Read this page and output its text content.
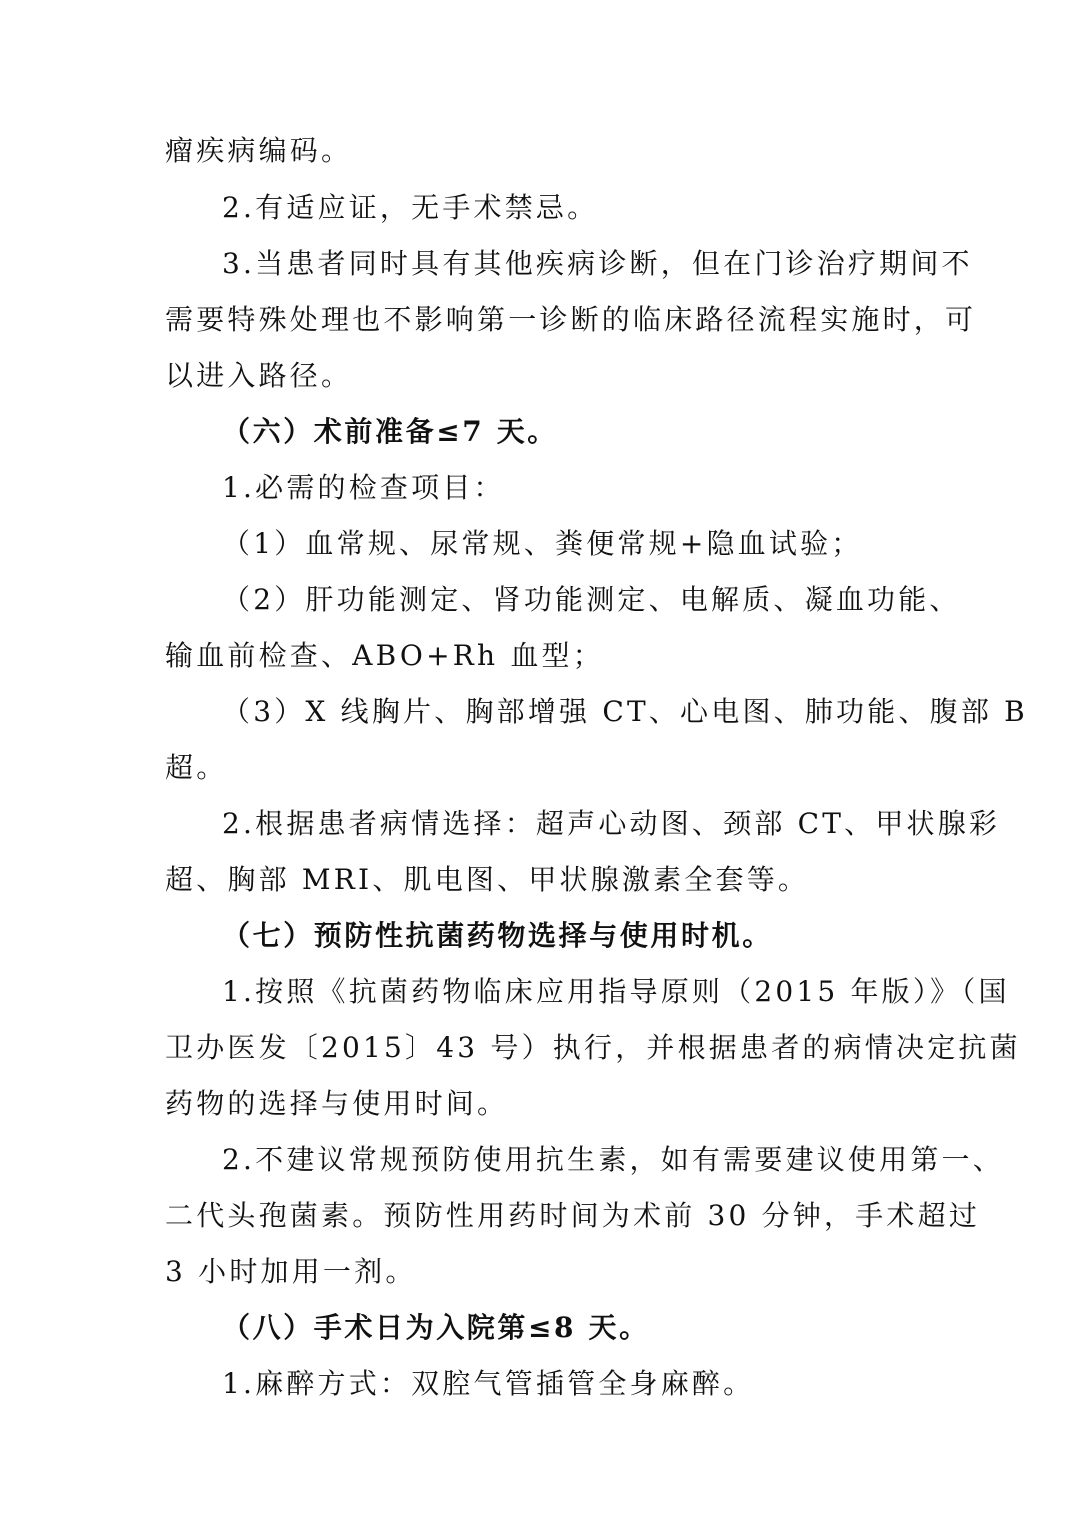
瘤疾病编码。
2.有适应证，无手术禁忌。
3.当患者同时具有其他疾病诊断，但在门诊治疗期间不
需要特殊处理也不影响第一诊断的临床路径流程实施时，可
以进入路径。
（六）术前准备≤7 天。
1.必需的检查项目：
（1）血常规、尿常规、粪便常规+隐血试验；
（2）肝功能测定、肾功能测定、电解质、凝血功能、
输血前检查、ABO+Rh 血型；
（3）X 线胸片、胸部增强 CT、心电图、肺功能、腹部 B
超。
2.根据患者病情选择：超声心动图、颈部 CT、甲状腺彩
超、胸部 MRI、肌电图、甲状腺激素全套等。
（七）预防性抗菌药物选择与使用时机。
1.按照《抗菌药物临床应用指导原则（2015 年版）》（国
卫办医发〔2015〕43 号）执行，并根据患者的病情决定抗菌
药物的选择与使用时间。
2.不建议常规预防使用抗生素，如有需要建议使用第一、
二代头孢菌素。预防性用药时间为术前 30 分钟，手术超过
3 小时加用一剂。
（八）手术日为入院第≤8 天。
1.麻醉方式：双腔气管插管全身麻醉。
